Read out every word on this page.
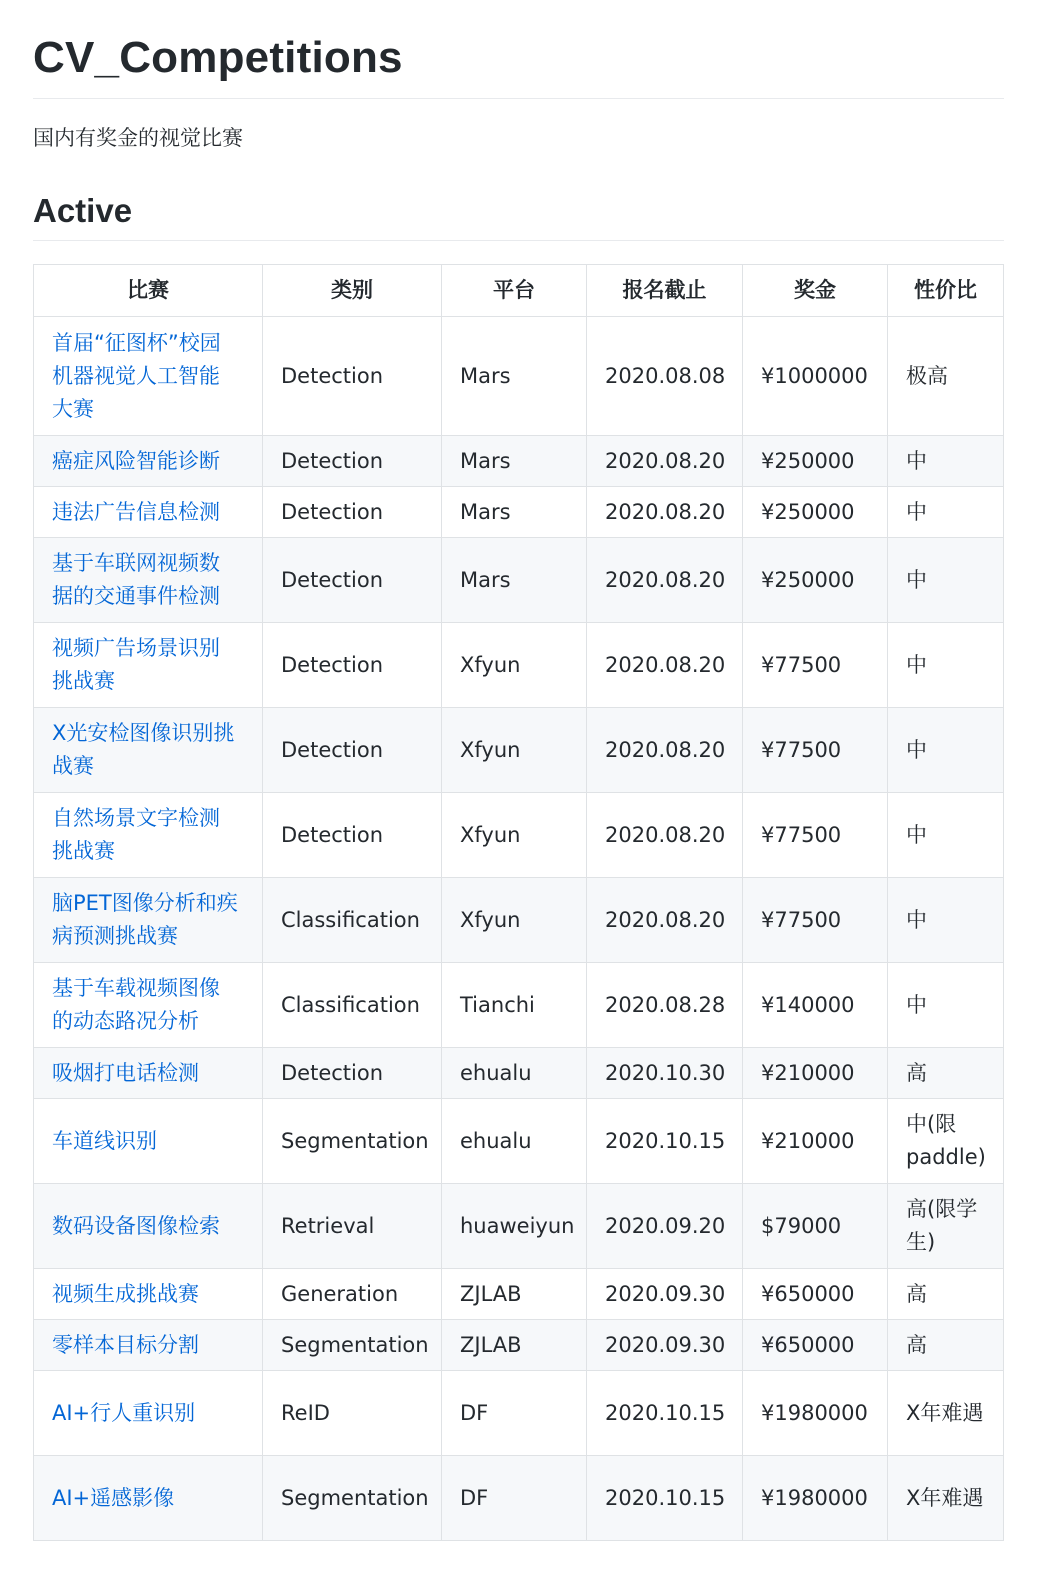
CV_Competitions
国内有奖金的视觉比赛
Active
比赛	类别	平台	报名截止	奖金	性价比
首届“征图杯”校园机器视觉人工智能大赛	Detection	Mars	2020.08.08	¥1000000	极高
癌症风险智能诊断	Detection	Mars	2020.08.20	¥250000	中
违法广告信息检测	Detection	Mars	2020.08.20	¥250000	中
基于车联网视频数据的交通事件检测	Detection	Mars	2020.08.20	¥250000	中
视频广告场景识别挑战赛	Detection	Xfyun	2020.08.20	¥77500	中
X光安检图像识别挑战赛	Detection	Xfyun	2020.08.20	¥77500	中
自然场景文字检测挑战赛	Detection	Xfyun	2020.08.20	¥77500	中
脑PET图像分析和疾病预测挑战赛	Classification	Xfyun	2020.08.20	¥77500	中
基于车载视频图像的动态路况分析	Classification	Tianchi	2020.08.28	¥140000	中
吸烟打电话检测	Detection	ehualu	2020.10.30	¥210000	高
车道线识别	Segmentation	ehualu	2020.10.15	¥210000	中(限paddle)
数码设备图像检索	Retrieval	huaweiyun	2020.09.20	$79000	高(限学生)
视频生成挑战赛	Generation	ZJLAB	2020.09.30	¥650000	高
零样本目标分割	Segmentation	ZJLAB	2020.09.30	¥650000	高
AI+行人重识别	ReID	DF	2020.10.15	¥1980000	X年难遇
AI+遥感影像	Segmentation	DF	2020.10.15	¥1980000	X年难遇
